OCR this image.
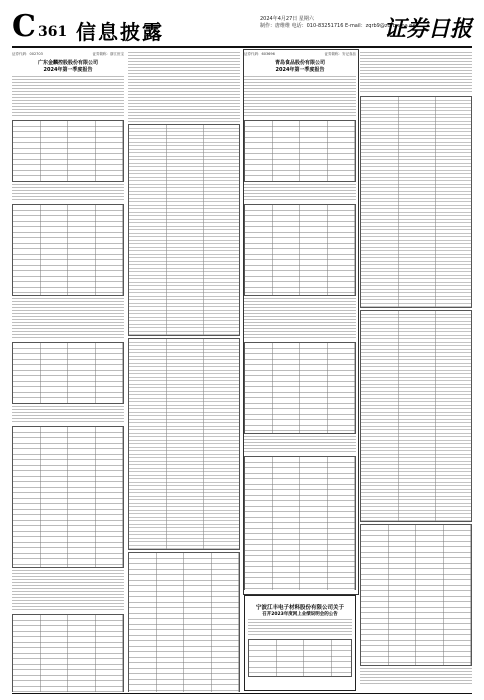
C 361 信息披露
2024年4月27日 星期六
制作：唐维维 电话：010-83251716 E-mail：zqrb9@zqrb.sina.net
证券日报
证券代码：002703	证券简称：浙江世宝
广东金麟控股股份有限公司
2024年第一季度报告
证券代码：603696	证券简称：安记食品
青岛食品股份有限公司
2024年第一季度报告
宁波江丰电子材料股份有限公司关于
召开2023年度网上业绩说明会的公告
